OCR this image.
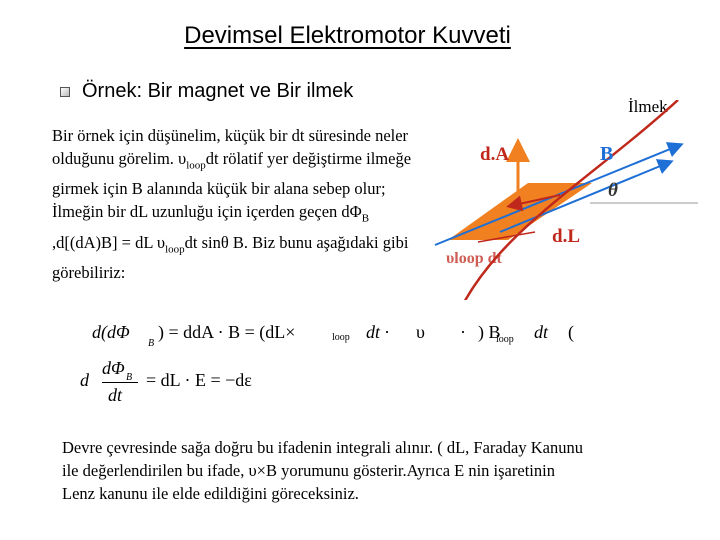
Devimsel Elektromotor Kuvveti
Örnek: Bir magnet ve Bir ilmek
İlmek
Bir örnek için düşünelim, küçük bir dt süresinde neler olduğunu görelim. $\upsilon_{loop}dt$ rölatif yer değiştirme ilmeğe girmek için B alanında küçük bir alana sebep olur; İlmeğin bir dL uzunluğu için içerden geçen $d\Phi_B$ ,d[(dA)B] = dL $\upsilon_{loop}dt$ sinθ B. Biz bunu aşağıdaki gibi görebiliriz:
d.A	B
θ
d.L
υloop dt
d(dΦ
B
) = ddA · B = (dL×	loop dt · υ · ) B
loop dt (
d
dΦ B
dt
= dL · E = −dε
Devre çevresinde sağa doğru bu ifadenin integrali alınır. ( dL, Faraday Kanunu ile değerlendirilen bu ifade, υ×B yorumunu gösterir.Ayrıca E nin işaretinin Lenz kanunu ile elde edildiğini göreceksiniz.
